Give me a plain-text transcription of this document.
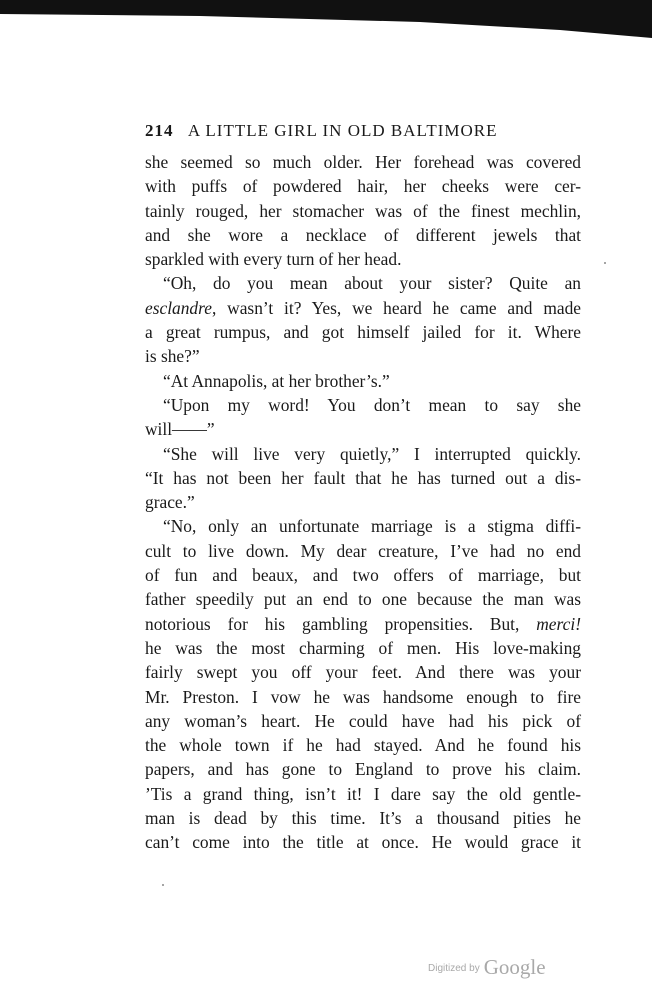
214 A LITTLE GIRL IN OLD BALTIMORE
she seemed so much older. Her forehead was covered
with puffs of powdered hair, her cheeks were cer-
tainly rouged, her stomacher was of the finest mechlin,
and she wore a necklace of different jewels that
sparkled with every turn of her head.
“Oh, do you mean about your sister? Quite an
esclandre, wasn’t it? Yes, we heard he came and made
a great rumpus, and got himself jailed for it. Where
is she?”
“At Annapolis, at her brother’s.”
“Upon my word! You don’t mean to say she
will——”
“She will live very quietly,” I interrupted quickly.
“It has not been her fault that he has turned out a dis-
grace.”
“No, only an unfortunate marriage is a stigma diffi-
cult to live down. My dear creature, I’ve had no end
of fun and beaux, and two offers of marriage, but
father speedily put an end to one because the man was
notorious for his gambling propensities. But, merci!
he was the most charming of men. His love-making
fairly swept you off your feet. And there was your
Mr. Preston. I vow he was handsome enough to fire
any woman’s heart. He could have had his pick of
the whole town if he had stayed. And he found his
papers, and has gone to England to prove his claim.
’Tis a grand thing, isn’t it! I dare say the old gentle-
man is dead by this time. It’s a thousand pities he
can’t come into the title at once. He would grace it
Digitized by Google
